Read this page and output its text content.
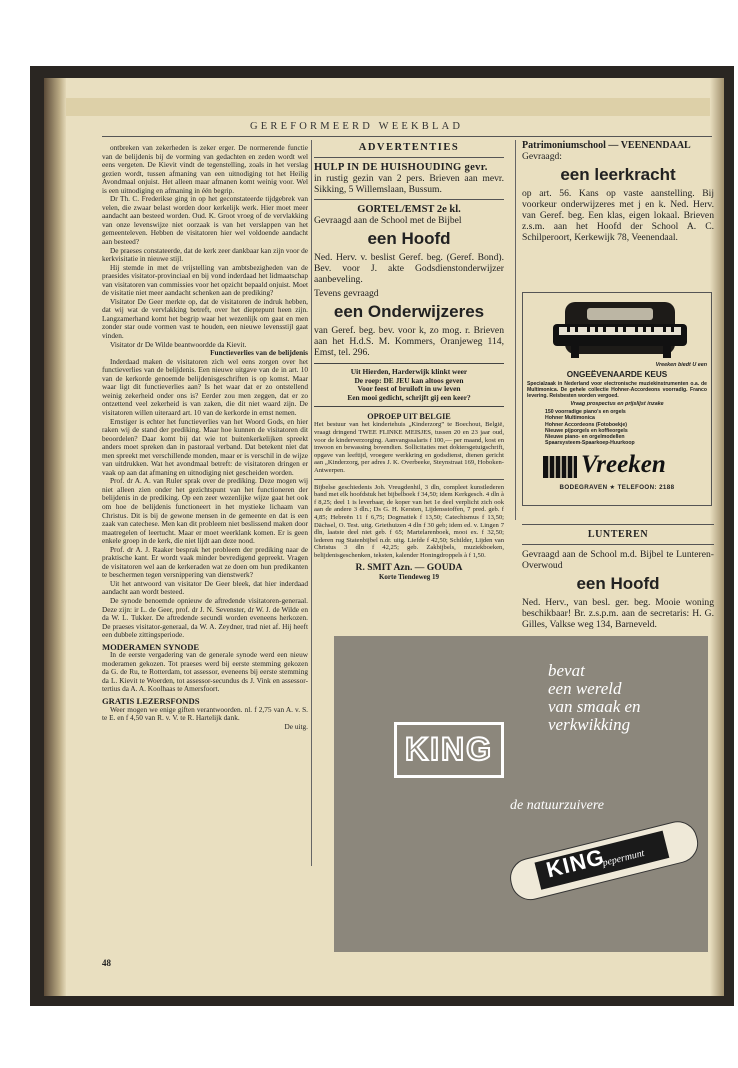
GEREFORMEERD WEEKBLAD

ontbreken van zekerheden is zeker erger. De normerende functie van de belijdenis bij de vorming van gedachten en zeden wordt wel eens vergeten. De Kievit vindt de tegenstelling, zoals in het verslag gezien wordt, tussen afmaning van een uitnodiging tot het Heilig Avondmaal onjuist. Het alleen maar afmanen komt weinig voor. Wel is een uitnodiging en afmaning in één begrip.

Dr Th. C. Frederikse ging in op het geconstateerde tijdgebrek van velen, die zwaar belast worden door kerkelijk werk. Hier moet meer aandacht aan besteed worden. Oud. K. Groot vroeg of de vervlakking van onze levenswijze niet oorzaak is van het verslappen van het gemeenteleven. Hebben de visitatoren hier wel voldoende aandacht aan besteed?

De praeses constateerde, dat de kerk zeer dankbaar kan zijn voor de kerkvisitatie in nieuwe stijl.

Hij stemde in met de vrijstelling van ambtsbezigheden van de praesides visitator-provinciaal en bij vond inderdaad het lidmaatschap van visitatoren van commissies voor het opzicht bepaald onjuist. Moet de visitatie niet meer aandacht schenken aan de prediking?

Visitator De Geer merkte op, dat de visitatoren de indruk hebben, dat wij wat de vervlakking betreft, over het dieptepunt heen zijn. Langzamerhand komt het begrip waar het wezenlijk om gaat en men zonder star oude vormen vast te houden, een nieuwe levensstijl gaat vinden.

Visitator dr De Wilde beantwoordde da Kievit.

Functieverlies van de belijdenis

Inderdaad maken de visitatoren zich wel eens zorgen over het functieverlies van de belijdenis. Een nieuwe uitgave van de in art. 10 van de kerkorde genoemde belijdenisgeschriften is op komst. Maar waar ligt dit functieverlies aan? Is het waar dat er zo ontstellend weinig zekerheid onder ons is? Eerder zou men zeggen, dat er zo ontzettend veel zekerheid is van zaken, die dit niet waard zijn. De visitatoren willen uiteraard art. 10 van de kerkorde in ernst nemen.

Ernstiger is echter het functieverlies van het Woord Gods, en hier raken wij de stand der prediking. Maar hoe kunnen de visitatoren dit beoordelen? Daar komt bij dat wie tot buitenkerkelijken spreekt anders moet spreken dan in pastoraal verband. Dat betekent niet dat men spreekt met verschillende monden, maar er is verschil in de wijze van uitdrukken. Wat het avondmaal betreft: de visitatoren dringen er vaak op aan dat afmaning en uitnodiging niet gescheiden worden.

Prof. dr A. A. van Ruler sprak over de prediking. Deze mogen wij niet alleen zien onder het gezichtspunt van het functioneren der belijdenis in de prediking. Op een zeer wezenlijke wijze gaat het ook om hoe de belijdenis functioneert in het mystieke lichaam van Christus. Dit is bij de gewone mensen in de gemeente en dat is een zaak van catechese. Men kan dit probleem niet beslissend maken door maatregelen of leertucht. Maar er moet weerklank komen. Er is geen enkele groep in de kerk, die niet lijdt aan deze nood.

Prof. dr A. J. Raaker besprak het probleem der prediking naar de praktische kant. Er wordt vaak minder bevredigend gepreekt. Vragen de visitatoren wel aan de kerkeraden wat ze doen om hun predikanten te beschermen tegen versnippering van dienstwerk?

Uit het antwoord van visitator De Geer bleek, dat hier inderdaad aandacht aan wordt besteed.

De synode benoemde opnieuw de aftredende visitatoren-generaal. Deze zijn: ir L. de Geer, prof. dr J. N. Sevenster, dr W. J. de Wilde en da W. L. Tukker. De aftredende secundi worden eveneens herkozen. De praeses visitator-generaal, da W. A. Zeydner, trad niet af. Hij heeft een dubbele zittingsperiode.

MODERAMEN SYNODE

In de eerste vergadering van de generale synode werd een nieuw moderamen gekozen. Tot praeses werd bij eerste stemming gekozen da G. de Ru, te Rotterdam, tot assessor, eveneens bij eerste stemming da L. Kievit te Woerden, tot assessor-secundus ds J. Vink en assessor-tertius da A. A. Koolhaas te Amersfoort.

GRATIS LEZERSFONDS

Weer mogen we enige giften verantwoorden. nl. f 2,75 van A. v. S. te E. en f 4,50 van R. v. V. te R. Hartelijk dank.

De uitg.

48
ADVERTENTIES
HULP IN DE HUISHOUDING gevr.
in rustig gezin van 2 pers. Brieven aan mevr. Sikking, 5 Willemslaan, Bussum.
GORTEL/EMST 2e kl.
Gevraagd aan de School met de Bijbel
een Hoofd
Ned. Herv. v. beslist Geref. beg. (Geref. Bond). Bev. voor J. akte Godsdienstonderwijzer aanbeveling.
Tevens gevraagd
een Onderwijzeres
van Geref. beg. bev. voor k, zo mog. r. Brieven aan het H.d.S. M. Kommers, Oranjeweg 114, Emst, tel. 296.
Uit Hierden, Harderwijk klinkt weer
De roep: DE JEU kan altoos geven
Voor feest of bruiloft in uw leven
Een mooi gedicht, schrijft gij een keer?
OPROEP UIT BELGIE
Het bestuur van het kindertehuis „Kinderzorg” te Boechout, België, vraagt dringend TWEE FLINKE MEISJES, tussen 20 en 23 jaar oud, voor de kinderverzorging. Aanvangssalaris f 100,— per maand, kost en inwoon en bewassing bovendien. Sollicitaties met doktersgetuigschrift, opgave van leeftijd, vroegere werkkring en godsdienst, dienen gericht aan „Kinderzorg, per adres J. K. Overbeeke, Steynstraat 169, Hoboken-Antwerpen.
Bijbelse geschiedenis Joh. Vreugdenhil, 3 dln, compleet kunstlederen band met elk hoofdstuk het bijbelboek f 34,50; idem Kerkgesch. 4 dln à f 8,25; deel 1 is leverbaar, de koper van het 1e deel verplicht zich ook aan de andere 3 dln.; Ds G. H. Kersten, Lijdensstoffen, 7 pred. geb. f 4,85; Hebreën 11 f 6,75; Dogmatiek f 13,50; Catechismus f 13,50; Dächsel, O. Test. uitg. Griethuizen 4 dln f 30 geb; idem ed. v. Lingen 7 dln, laatste deel niet geb. f 65; Martelarenboek, mooi ex. f 32,50; lederen rug Statenbijbel n.dr. uitg. Liefde f 42,50; Schilder, Lijden van Christus 3 dln f 42,25; geb. Zakbijbels, muziekboeken, belijdenisgeschenken, teksten, kalender Honingdroppels à f 1,50.
R. SMIT Azn. — GOUDA
Korte Tiendeweg 19
Patrimoniumschool — VEENENDAAL
Gevraagd:
een leerkracht
op art. 56. Kans op vaste aanstelling. Bij voorkeur onderwijzeres met j en k. Ned. Herv. van Geref. beg. Een klas, eigen lokaal. Brieven z.s.m. aan het Hoofd der School A. C. Schilperoort, Kerkewijk 78, Veenendaal.
Vreeken biedt U een
ONGEËVENAARDE KEUS
Specialzaak in Nederland voor electronische muziekinstrumenten o.a. de Multimonica. De gehele collectie Hohner-Accordeons voorradig. Franco levering. Reisbesten worden vergoed.
Vraag prospectus en prijslijst inzake
150 voorradige piano's en orgels
Hohner Multimonica
Hohner Accordeons (Fotoboekje)
Nieuwe pijporgels en koffieorgels
Nieuwe piano- en orgelmodellen
Spaarsysteem-Spaarkoep-Huurkoop
Vreeken
BODEGRAVEN ★ TELEFOON: 2188
LUNTEREN
Gevraagd aan de School m.d. Bijbel te Lunteren-Overwoud
een Hoofd
Ned. Herv., van besl. ger. beg. Mooie woning beschikbaar! Br. z.s.p.m. aan de secretaris: H. G. Gilles, Valkse weg 134, Barneveld.
bevat
een wereld
van smaak en
verkwikking
KING
de natuurzuivere
KING
pepermunt
